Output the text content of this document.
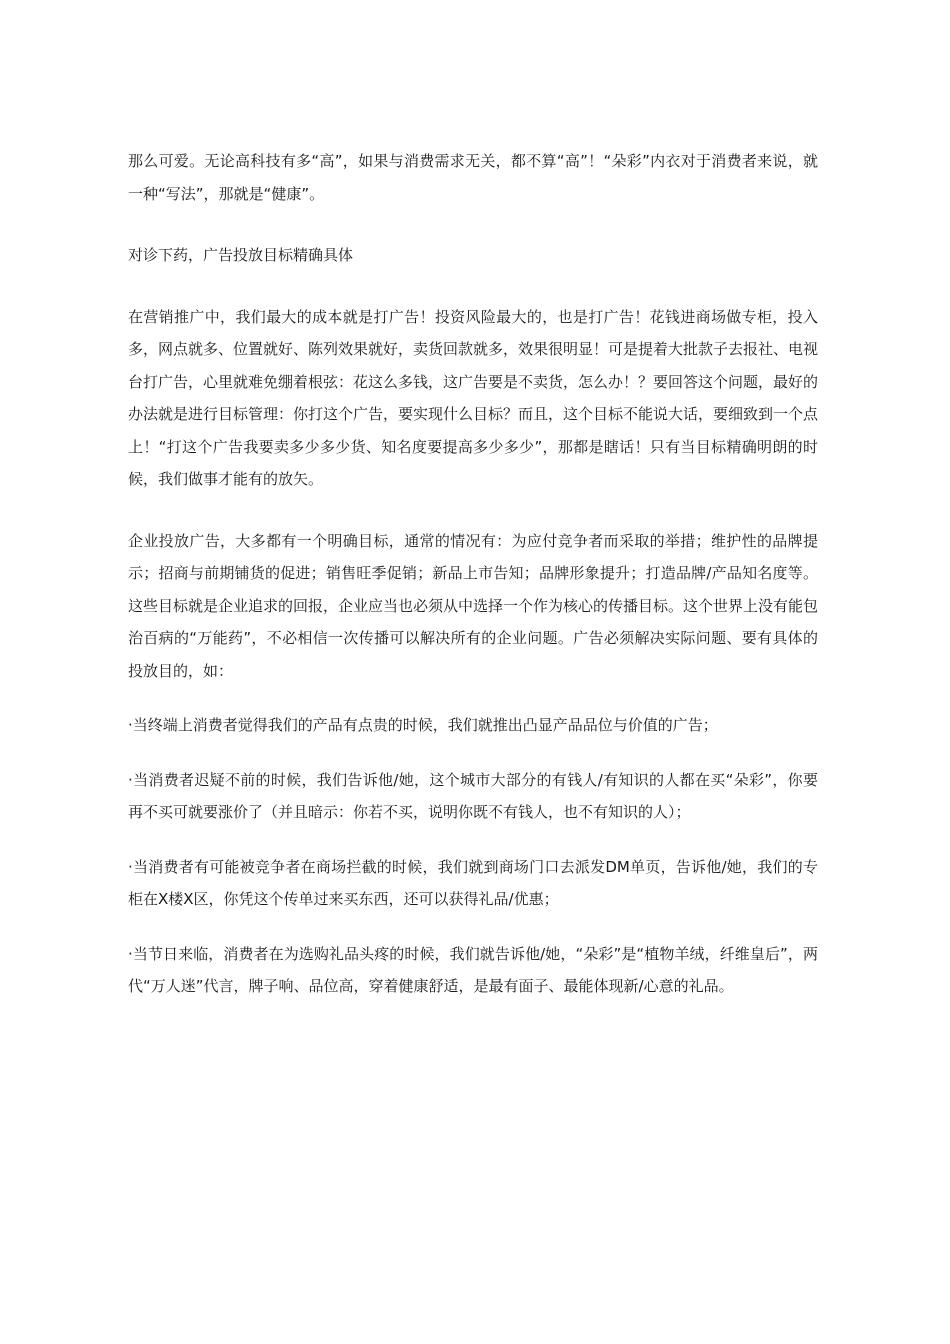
那么可爱。无论高科技有多“高”，如果与消费需求无关，都不算“高”！“朵彩”内衣对于消费者来说，就一种“写法”，那就是“健康”。

对诊下药，广告投放目标精确具体

在营销推广中，我们最大的成本就是打广告！投资风险最大的，也是打广告！花钱进商场做专柜，投入多，网点就多、位置就好、陈列效果就好，卖货回款就多，效果很明显！可是提着大批款子去报社、电视台打广告，心里就难免绷着根弦：花这么多钱，这广告要是不卖货，怎么办！？要回答这个问题，最好的办法就是进行目标管理：你打这个广告，要实现什么目标？而且，这个目标不能说大话，要细致到一个点上！“打这个广告我要卖多少多少货、知名度要提高多少多少”，那都是瞎话！只有当目标精确明朗的时候，我们做事才能有的放矢。

企业投放广告，大多都有一个明确目标，通常的情况有：为应付竞争者而采取的举措；维护性的品牌提示；招商与前期铺货的促进；销售旺季促销；新品上市告知；品牌形象提升；打造品牌/产品知名度等。这些目标就是企业追求的回报，企业应当也必须从中选择一个作为核心的传播目标。这个世界上没有能包治百病的“万能药”，不必相信一次传播可以解决所有的企业问题。广告必须解决实际问题、要有具体的投放目的，如：

·当终端上消费者觉得我们的产品有点贵的时候，我们就推出凸显产品品位与价值的广告；

·当消费者迟疑不前的时候，我们告诉他/她，这个城市大部分的有钱人/有知识的人都在买“朵彩”，你要再不买可就要涨价了（并且暗示：你若不买，说明你既不有钱人，也不有知识的人）；

·当消费者有可能被竞争者在商场拦截的时候，我们就到商场门口去派发DM单页，告诉他/她，我们的专柜在X楼X区，你凭这个传单过来买东西，还可以获得礼品/优惠；

·当节日来临，消费者在为选购礼品头疼的时候，我们就告诉他/她，“朵彩”是“植物羊绒，纤维皇后”，两代“万人迷”代言，牌子响、品位高，穿着健康舒适，是最有面子、最能体现新/心意的礼品。
